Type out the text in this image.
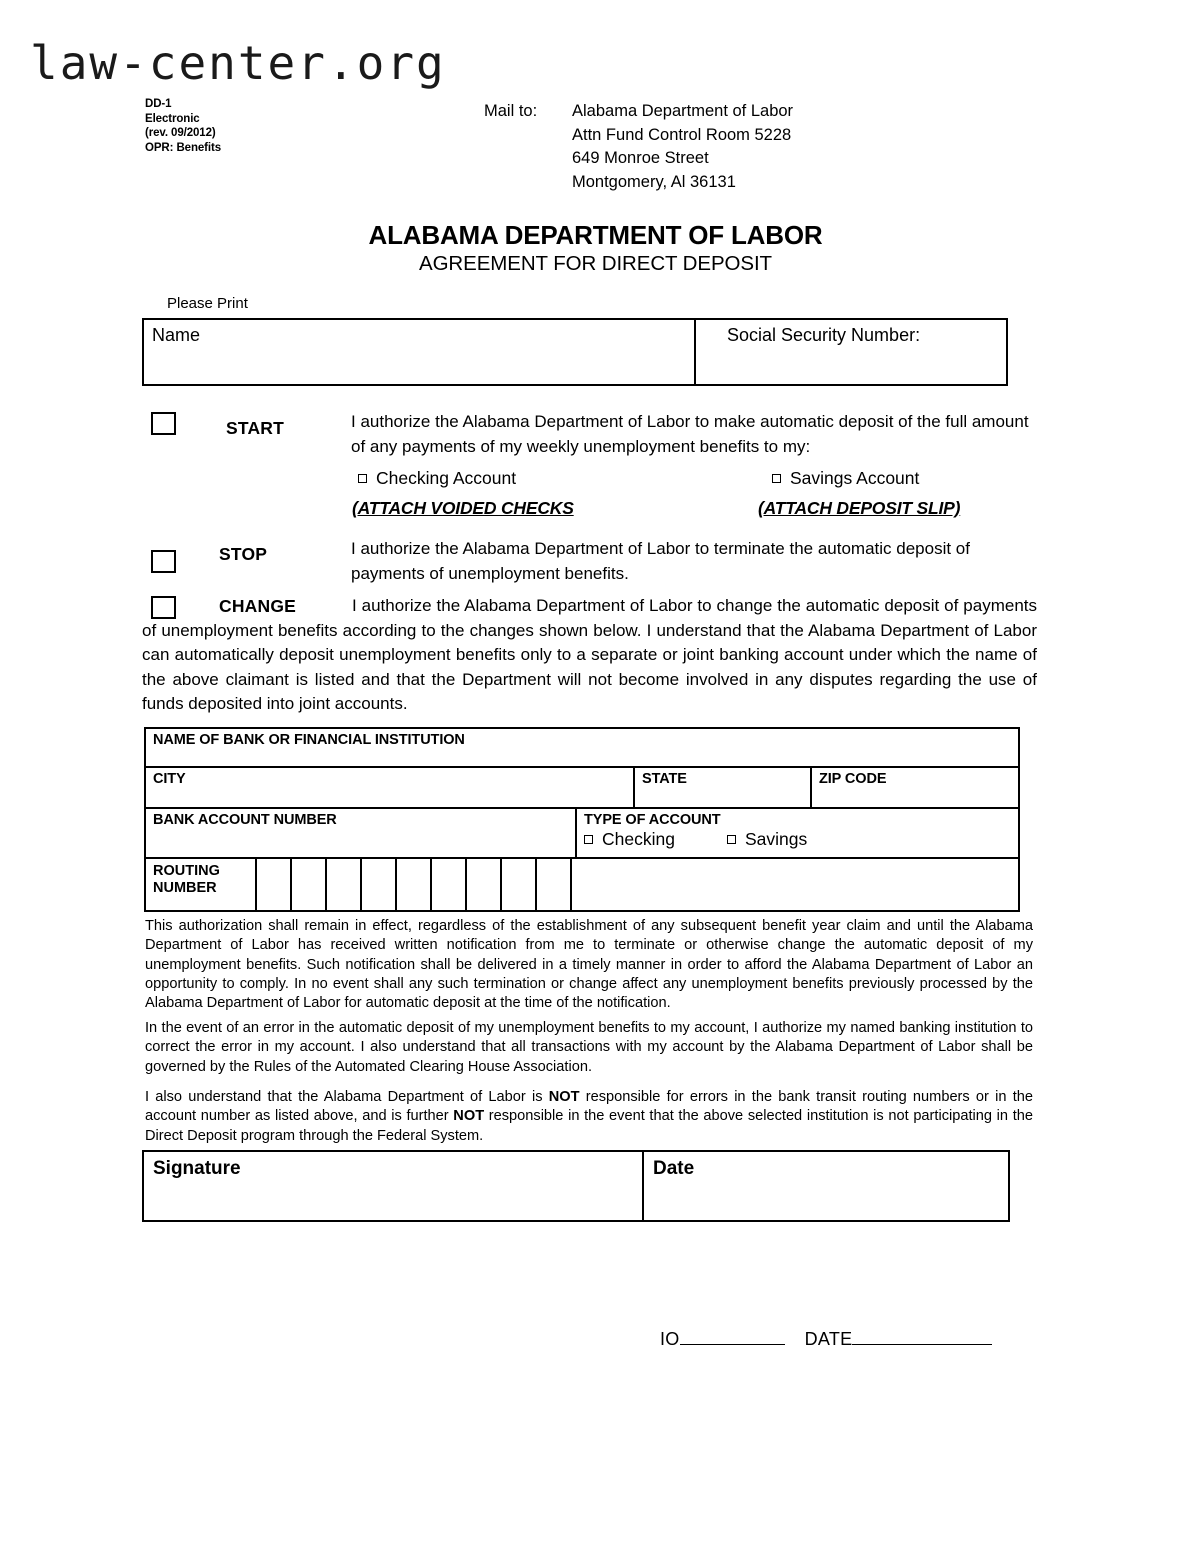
law-center.org
DD-1
Electronic
(rev. 09/2012)
OPR: Benefits
Mail to: Alabama Department of Labor
Attn Fund Control Room 5228
649 Monroe Street
Montgomery, Al 36131
ALABAMA DEPARTMENT OF LABOR
AGREEMENT FOR DIRECT DEPOSIT
Please Print
Name	Social Security Number:
START	I authorize the Alabama Department of Labor to make automatic deposit of the full amount of any payments of my weekly unemployment benefits to my:
Checking Account	Savings Account
(ATTACH VOIDED CHECKS	(ATTACH DEPOSIT SLIP)
STOP	I authorize the Alabama Department of Labor to terminate the automatic deposit of payments of unemployment benefits.
CHANGE	I authorize the Alabama Department of Labor to change the automatic deposit of payments of unemployment benefits according to the changes shown below. I understand that the Alabama Department of Labor can automatically deposit unemployment benefits only to a separate or joint banking account under which the name of the above claimant is listed and that the Department will not become involved in any disputes regarding the use of funds deposited into joint accounts.
NAME OF BANK OR FINANCIAL INSTITUTION
CITY	STATE	ZIP CODE
BANK ACCOUNT NUMBER	TYPE OF ACCOUNT
Checking	Savings
ROUTING
NUMBER
This authorization shall remain in effect, regardless of the establishment of any subsequent benefit year claim and until the Alabama Department of Labor has received written notification from me to terminate or otherwise change the automatic deposit of my unemployment benefits. Such notification shall be delivered in a timely manner in order to afford the Alabama Department of Labor an opportunity to comply. In no event shall any such termination or change affect any unemployment benefits previously processed by the Alabama Department of Labor for automatic deposit at the time of the notification.
In the event of an error in the automatic deposit of my unemployment benefits to my account, I authorize my named banking institution to correct the error in my account. I also understand that all transactions with my account by the Alabama Department of Labor shall be governed by the Rules of the Automated Clearing House Association.
I also understand that the Alabama Department of Labor is NOT responsible for errors in the bank transit routing numbers or in the account number as listed above, and is further NOT responsible in the event that the above selected institution is not participating in the Direct Deposit program through the Federal System.
Signature	Date
IO	DATE
